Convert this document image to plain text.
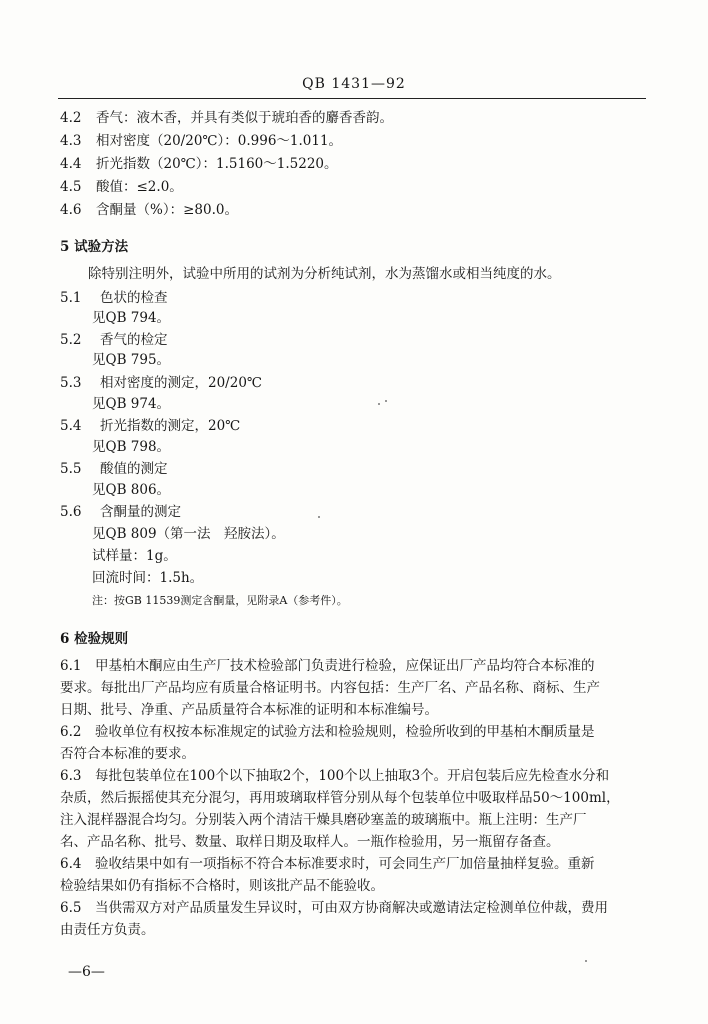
QB 1431—92
4.2 香气：液木香，并具有类似于琥珀香的麝香香韵。
4.3 相对密度（20/20℃）：0.996～1.011。
4.4 折光指数（20℃）：1.5160～1.5220。
4.5 酸值：≤2.0。
4.6 含酮量（%）：≥80.0。
5 试验方法
除特别注明外，试验中所用的试剂为分析纯试剂，水为蒸馏水或相当纯度的水。
5.1 色状的检查
见QB 794。
5.2 香气的检定
见QB 795。
5.3 相对密度的测定，20/20℃
见QB 974。
5.4 折光指数的测定，20℃
见QB 798。
5.5 酸值的测定
见QB 806。
5.6 含酮量的测定
见QB 809（第一法　羟胺法）。
试样量：1g。
回流时间：1.5h。
注：按GB 11539测定含酮量，见附录A（参考件）。
6 检验规则
6.1　甲基柏木酮应由生产厂技术检验部门负责进行检验，应保证出厂产品均符合本标准的
要求。每批出厂产品均应有质量合格证明书。内容包括：生产厂名、产品名称、商标、生产
日期、批号、净重、产品质量符合本标准的证明和本标准编号。
6.2　验收单位有权按本标准规定的试验方法和检验规则，检验所收到的甲基柏木酮质量是
否符合本标准的要求。
6.3　每批包装单位在100个以下抽取2个，100个以上抽取3个。开启包装后应先检查水分和
杂质，然后振摇使其充分混匀，再用玻璃取样管分别从每个包装单位中吸取样品50～100ml，
注入混样器混合均匀。分别装入两个清洁干燥具磨砂塞盖的玻璃瓶中。瓶上注明：生产厂
名、产品名称、批号、数量、取样日期及取样人。一瓶作检验用，另一瓶留存备查。
6.4　验收结果中如有一项指标不符合本标准要求时，可会同生产厂加倍量抽样复验。重新
检验结果如仍有指标不合格时，则该批产品不能验收。
6.5　当供需双方对产品质量发生异议时，可由双方协商解决或邀请法定检测单位仲裁，费用
由责任方负责。
—6—
